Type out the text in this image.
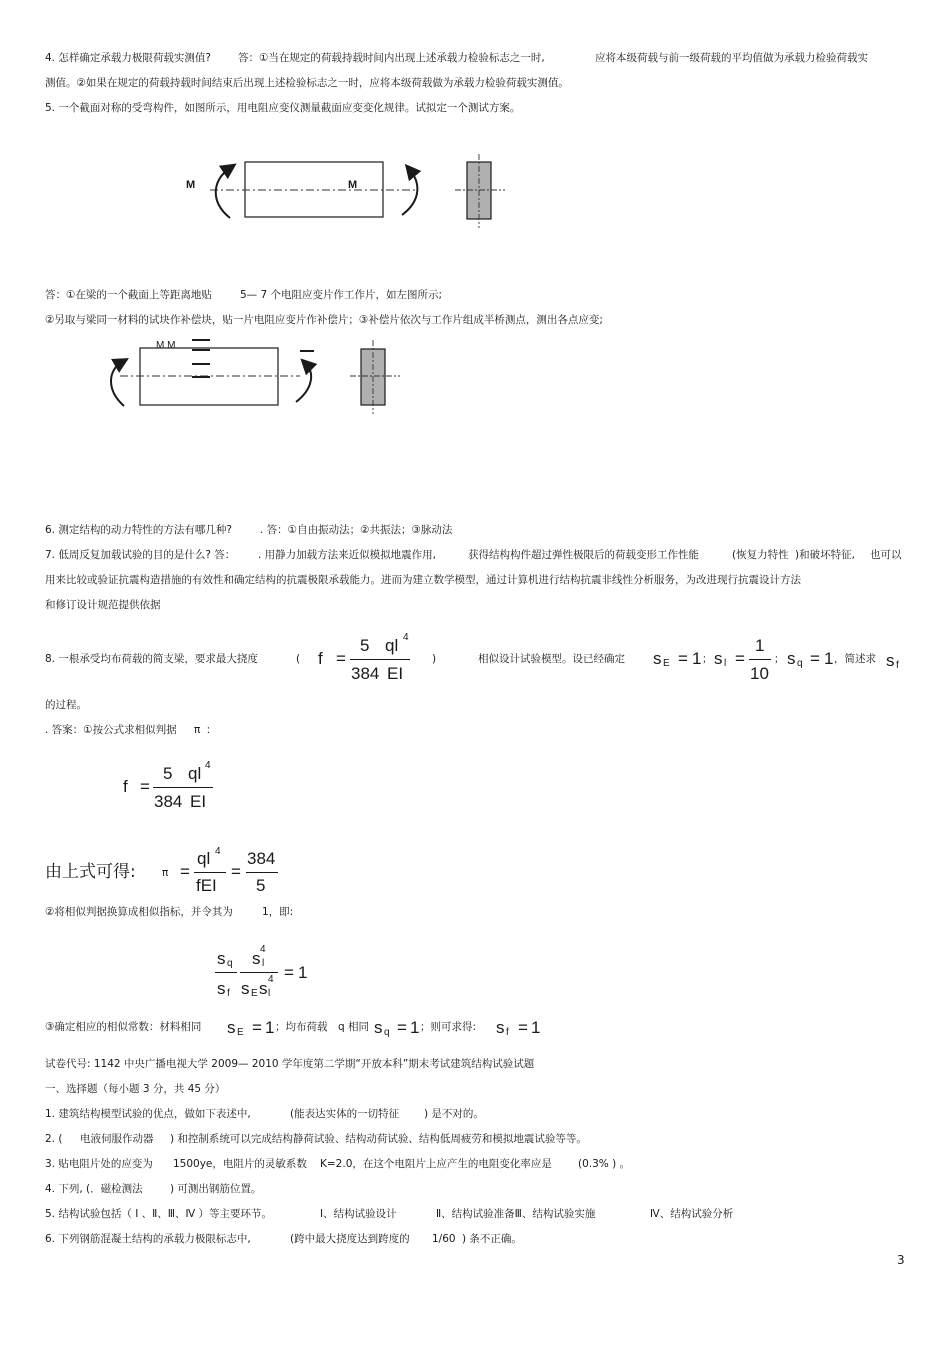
4. 怎样确定承载力极限荷载实测值?	答：①当在规定的荷载持载时间内出现上述承载力检验标志之一时,	应将本级荷载与前一级荷载的平均值做为承载力检验荷载实
测值。②如果在规定的荷载持载时间结束后出现上述检验标志之一时，应将本级荷载做为承载力检验荷载实测值。
5. 一个截面对称的受弯构件，如图所示，用电阻应变仪测量截面应变变化规律。试拟定一个测试方案。
M	M
答：①在梁的一个截面上等距离地贴	5— 7 个电阻应变片作工作片，如左图所示;
②另取与梁同一材料的试块作补偿块，贴一片电阻应变片作补偿片；③补偿片依次与工作片组成半桥测点，测出各点应变;
M M
6. 测定结构的动力特性的方法有哪几种?	. 答：①自由振动法；②共振法；③脉动法
7. 低周反复加载试验的目的是什么? 答： . 用静力加载方法来近似模拟地震作用,	获得结构构件超过弹性极限后的荷载变形工作性能	(恢复力特性 )和破坏特征, 也可以
用来比较或验证抗震构造措施的有效性和确定结构的抗震极限承载能力。进而为建立数学模型，通过计算机进行结构抗震非线性分析服务，为改进现行抗震设计方法
和修订设计规范提供依据
8. 一根承受均布荷载的简支梁，要求最大挠度	( f =
5 ql 4
384 EI
)	相似设计试验模型。设已经确定 s E = 1 ； s l =
1
10
； s q = 1 ，简述求 s f
的过程。
. 答案：①按公式求相似判据 π ：
f =
5 ql 4
384 EI
由上式可得:	π =
ql 4
fEI
=
384
5
②将相似判据换算成相似指标，并令其为	1，即:
s q
s f
s 4
l
s E s 4
l
= 1
③确定相应的相似常数：材料相同 s E = 1 ；均布荷载 q 相同 s q = 1 ；则可求得: s f = 1
试卷代号: 1142 中央广播电视大学 2009— 2010 学年度第二学期“开放本科”期末考试建筑结构试验试题
一、选择题（每小题 3 分，共 45 分）
1. 建筑结构模型试验的优点，做如下表述中,	(能表达实体的一切特征 ) 是不对的。
2. ( 电液伺服作动器 ) 和控制系统可以完成结构静荷试验、结构动荷试验、结构低周疲劳和模拟地震试验等等。
3. 贴电阻片处的应变为 1500ye，电阻片的灵敏系数 K=2.0，在这个电阻片上应产生的电阻变化率应是 (0.3% ) 。
4. 下列, (．磁检测法	) 可测出钢筋位置。
5. 结构试验包括（ Ⅰ 、Ⅱ、Ⅲ、Ⅳ ）等主要环节。	Ⅰ、结构试验设计	Ⅱ、结构试验准备Ⅲ、结构试验实施	Ⅳ、结构试验分析
6. 下列钢筋混凝土结构的承载力极限标志中,	(跨中最大挠度达到跨度的 1/60 ) 条不正确。
3
